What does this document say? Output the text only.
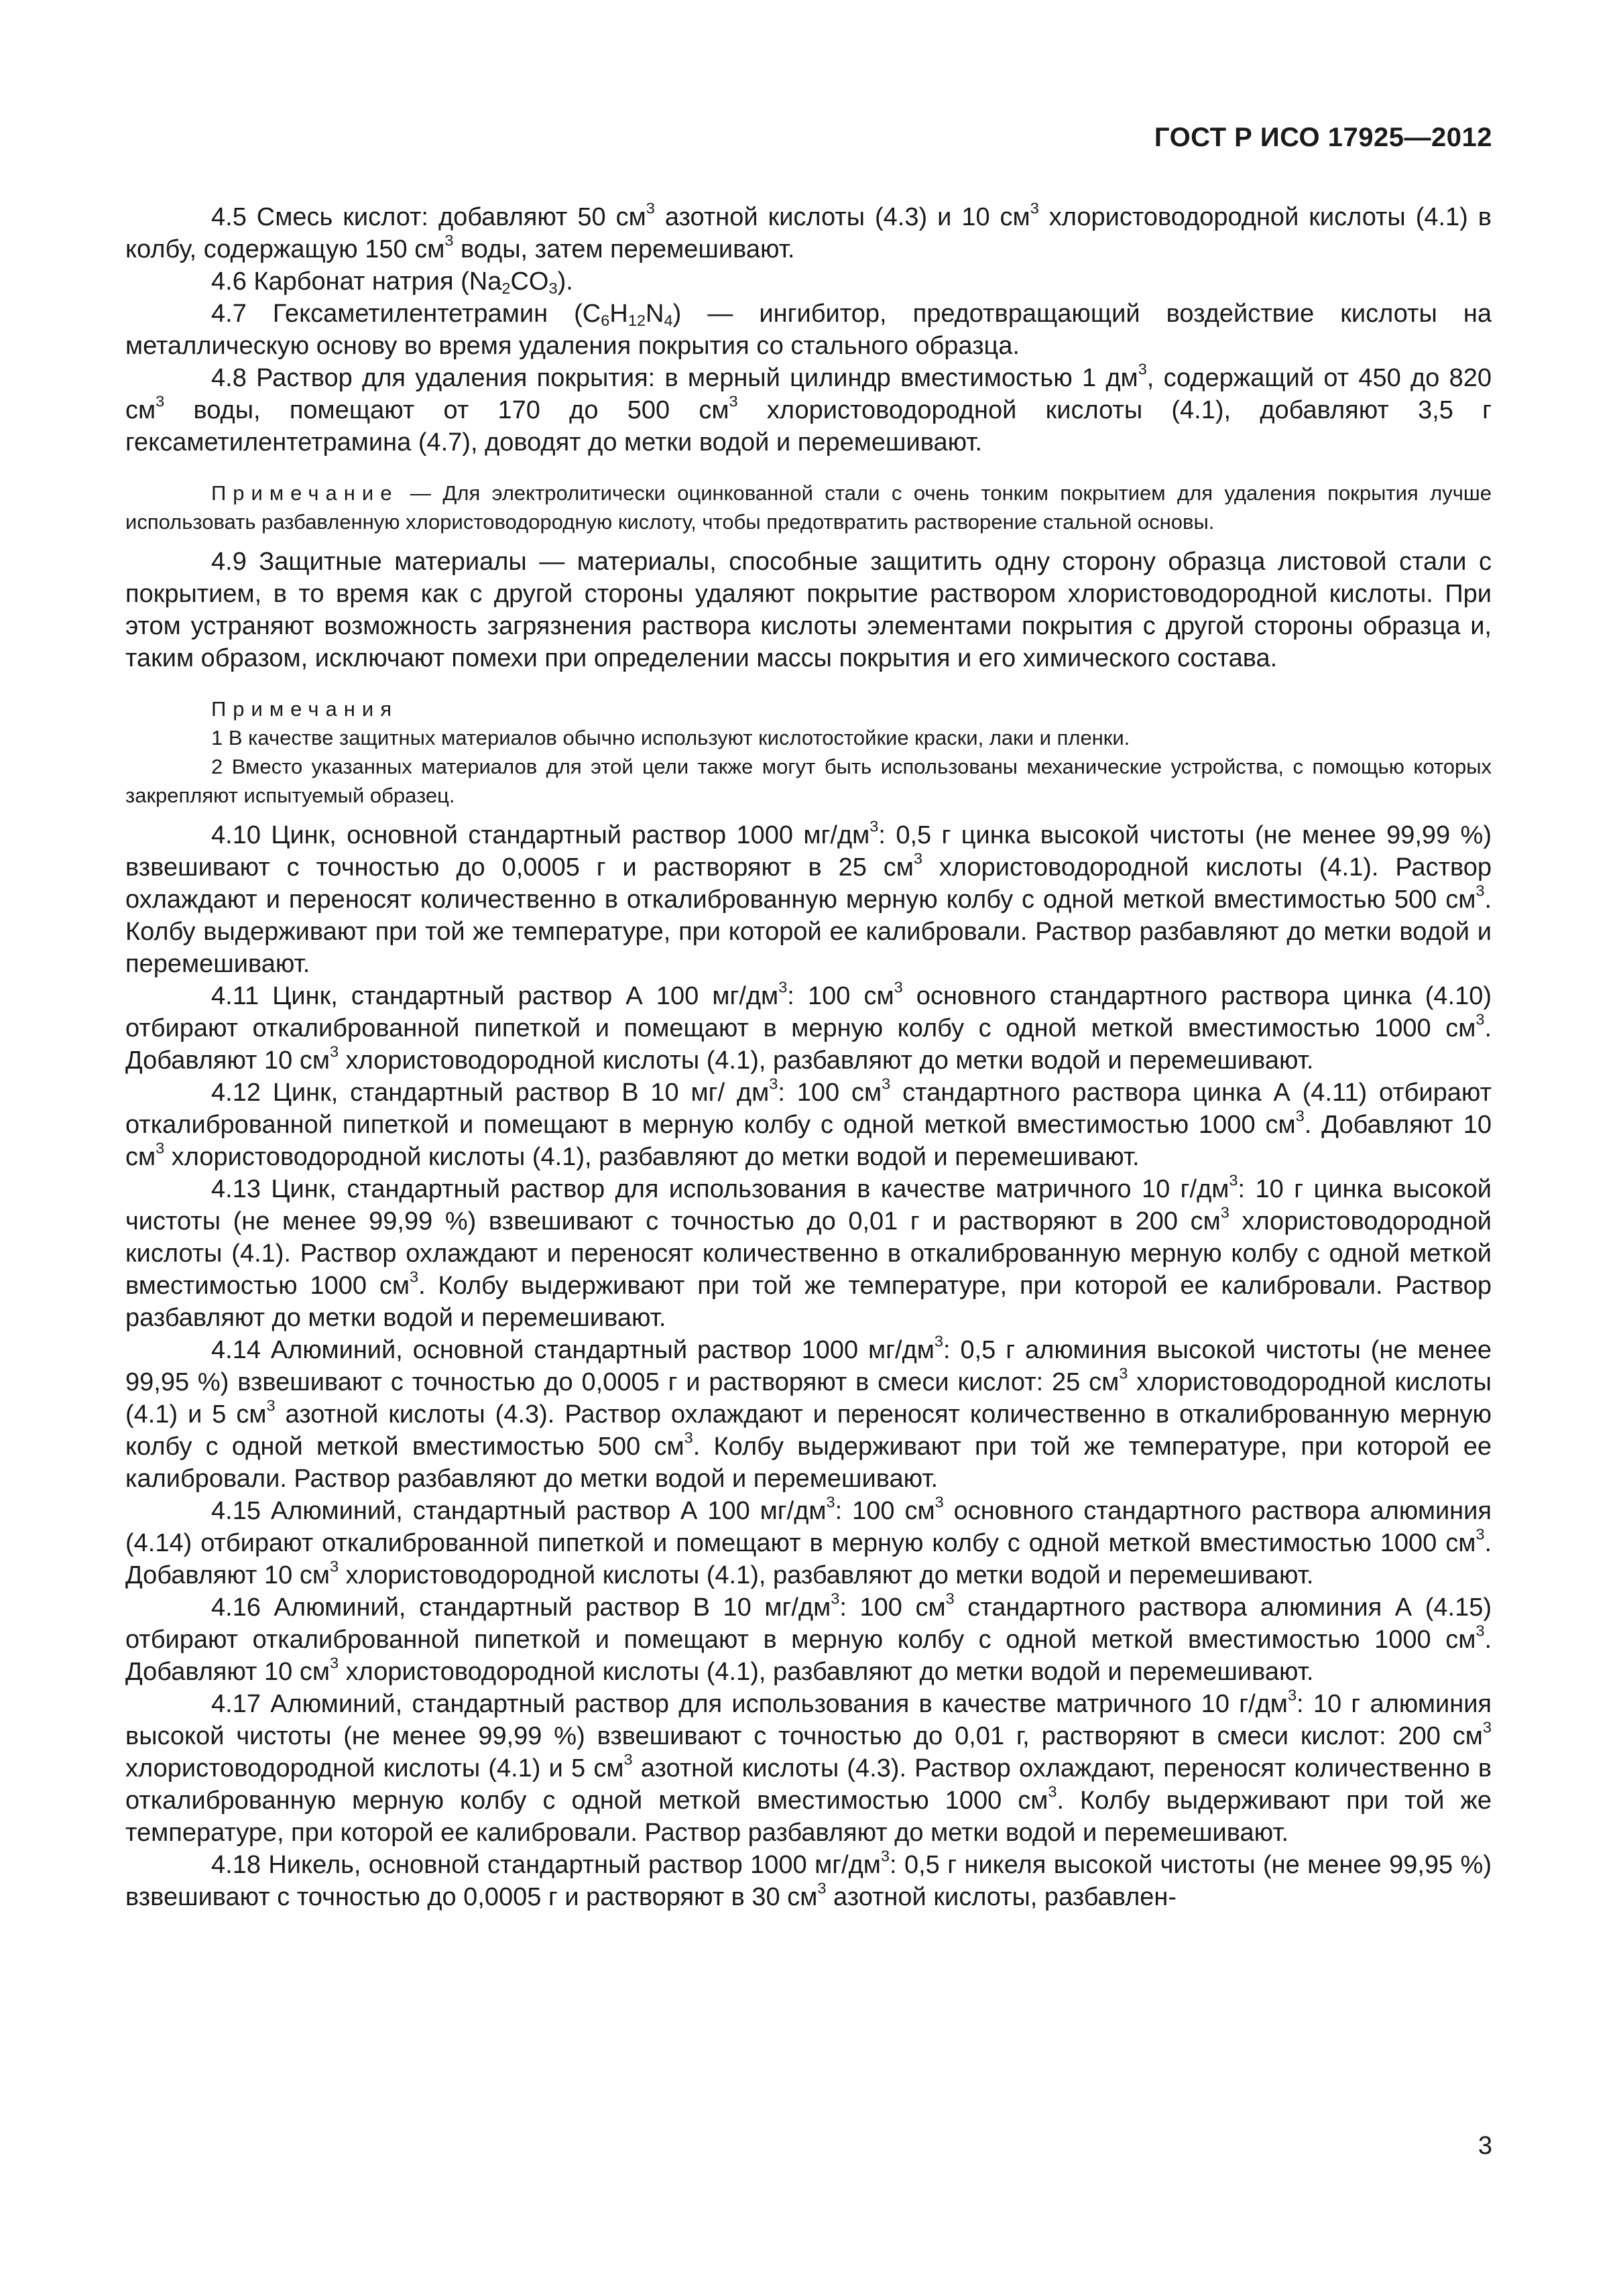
ГОСТ Р ИСО 17925—2012

4.5 Смесь кислот: добавляют 50 $см^3$ азотной кислоты (4.3) и 10 $см^3$ хлористоводородной кислоты (4.1) в колбу, содержащую 150 $см^3$ воды, затем перемешивают.

4.6 Карбонат натрия $(Na_2CO_3)$.

4.7 Гексаметилентетрамин $(C_6H_{12}N_4)$ — ингибитор, предотвращающий воздействие кислоты на металлическую основу во время удаления покрытия со стального образца.

4.8 Раствор для удаления покрытия: в мерный цилиндр вместимостью 1 $дм^3$, содержащий от 450 до 820 $см^3$ воды, помещают от 170 до 500 $см^3$ хлористоводородной кислоты (4.1), добавляют 3,5 г гексаметилентетрамина (4.7), доводят до метки водой и перемешивают.

Примечание — Для электролитически оцинкованной стали с очень тонким покрытием для удаления покрытия лучше использовать разбавленную хлористоводородную кислоту, чтобы предотвратить растворение стальной основы.

4.9 Защитные материалы — материалы, способные защитить одну сторону образца листовой стали с покрытием, в то время как с другой стороны удаляют покрытие раствором хлористоводородной кислоты. При этом устраняют возможность загрязнения раствора кислоты элементами покрытия с другой стороны образца и, таким образом, исключают помехи при определении массы покрытия и его химического состава.

Примечания

1 В качестве защитных материалов обычно используют кислотостойкие краски, лаки и пленки.

2 Вместо указанных материалов для этой цели также могут быть использованы механические устройства, с помощью которых закрепляют испытуемый образец.

4.10 Цинк, основной стандартный раствор 1000 $мг/дм^3$: 0,5 г цинка высокой чистоты (не менее 99,99 %) взвешивают с точностью до 0,0005 г и растворяют в 25 $см^3$ хлористоводородной кислоты (4.1). Раствор охлаждают и переносят количественно в откалиброванную мерную колбу с одной меткой вместимостью 500 $см^3$. Колбу выдерживают при той же температуре, при которой ее калибровали. Раствор разбавляют до метки водой и перемешивают.

4.11 Цинк, стандартный раствор А 100 $мг/дм^3$: 100 $см^3$ основного стандартного раствора цинка (4.10) отбирают откалиброванной пипеткой и помещают в мерную колбу с одной меткой вместимостью 1000 $см^3$. Добавляют 10 $см^3$ хлористоводородной кислоты (4.1), разбавляют до метки водой и перемешивают.

4.12 Цинк, стандартный раствор В 10 мг/ $дм^3$: 100 $см^3$ стандартного раствора цинка А (4.11) отбирают откалиброванной пипеткой и помещают в мерную колбу с одной меткой вместимостью 1000 $см^3$. Добавляют 10 $см^3$ хлористоводородной кислоты (4.1), разбавляют до метки водой и перемешивают.

4.13 Цинк, стандартный раствор для использования в качестве матричного 10 $г/дм^3$: 10 г цинка высокой чистоты (не менее 99,99 %) взвешивают с точностью до 0,01 г и растворяют в 200 $см^3$ хлористоводородной кислоты (4.1). Раствор охлаждают и переносят количественно в откалиброванную мерную колбу с одной меткой вместимостью 1000 $см^3$. Колбу выдерживают при той же температуре, при которой ее калибровали. Раствор разбавляют до метки водой и перемешивают.

4.14 Алюминий, основной стандартный раствор 1000 $мг/дм^3$: 0,5 г алюминия высокой чистоты (не менее 99,95 %) взвешивают с точностью до 0,0005 г и растворяют в смеси кислот: 25 $см^3$ хлористоводородной кислоты (4.1) и 5 $см^3$ азотной кислоты (4.3). Раствор охлаждают и переносят количественно в откалиброванную мерную колбу с одной меткой вместимостью 500 $см^3$. Колбу выдерживают при той же температуре, при которой ее калибровали. Раствор разбавляют до метки водой и перемешивают.

4.15 Алюминий, стандартный раствор А 100 $мг/дм^3$: 100 $см^3$ основного стандартного раствора алюминия (4.14) отбирают откалиброванной пипеткой и помещают в мерную колбу с одной меткой вместимостью 1000 $см^3$. Добавляют 10 $см^3$ хлористоводородной кислоты (4.1), разбавляют до метки водой и перемешивают.

4.16 Алюминий, стандартный раствор В 10 $мг/дм^3$: 100 $см^3$ стандартного раствора алюминия А (4.15) отбирают откалиброванной пипеткой и помещают в мерную колбу с одной меткой вместимостью 1000 $см^3$. Добавляют 10 $см^3$ хлористоводородной кислоты (4.1), разбавляют до метки водой и перемешивают.

4.17 Алюминий, стандартный раствор для использования в качестве матричного 10 $г/дм^3$: 10 г алюминия высокой чистоты (не менее 99,99 %) взвешивают с точностью до 0,01 г, растворяют в смеси кислот: 200 $см^3$ хлористоводородной кислоты (4.1) и 5 $см^3$ азотной кислоты (4.3). Раствор охлаждают, переносят количественно в откалиброванную мерную колбу с одной меткой вместимостью 1000 $см^3$. Колбу выдерживают при той же температуре, при которой ее калибровали. Раствор разбавляют до метки водой и перемешивают.

4.18 Никель, основной стандартный раствор 1000 $мг/дм^3$: 0,5 г никеля высокой чистоты (не менее 99,95 %) взвешивают с точностью до 0,0005 г и растворяют в 30 $см^3$ азотной кислоты, разбавлен-

3
